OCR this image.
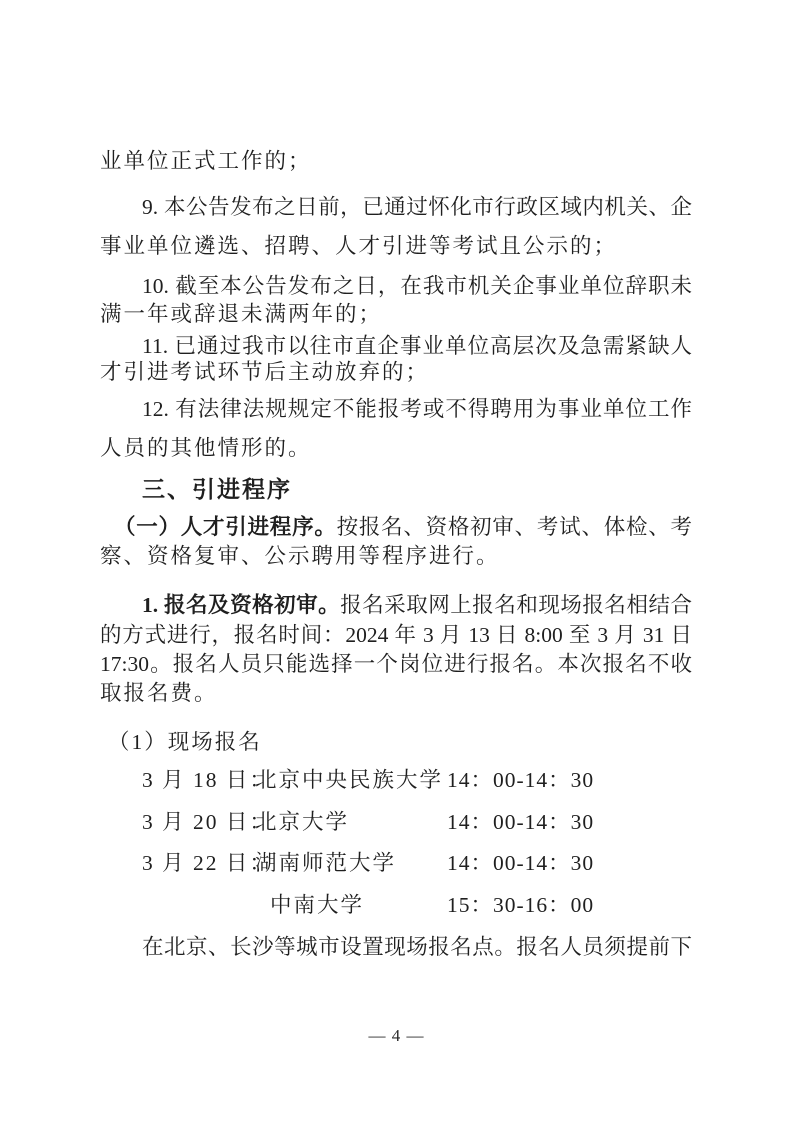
业单位正式工作的；
9. 本公告发布之日前，已通过怀化市行政区域内机关、企
事业单位遴选、招聘、人才引进等考试且公示的；
10. 截至本公告发布之日，在我市机关企事业单位辞职未
满一年或辞退未满两年的；
11. 已通过我市以往市直企事业单位高层次及急需紧缺人
才引进考试环节后主动放弃的；
12. 有法律法规规定不能报考或不得聘用为事业单位工作
人员的其他情形的。
三、引进程序
（一）人才引进程序。按报名、资格初审、考试、体检、考
察、资格复审、公示聘用等程序进行。
1. 报名及资格初审。报名采取网上报名和现场报名相结合
的方式进行，报名时间：2024 年 3 月 13 日 8:00 至 3 月 31 日
17:30。报名人员只能选择一个岗位进行报名。本次报名不收
取报名费。
（1）现场报名
3 月 18 日：
北京中央民族大学 14：00-14：30
3 月 20 日：
北京大学	14：00-14：30
3 月 22 日：
湖南师范大学 14：00-14：30
中南大学	15：30-16：00
在北京、长沙等城市设置现场报名点。报名人员须提前下
— 4 —
